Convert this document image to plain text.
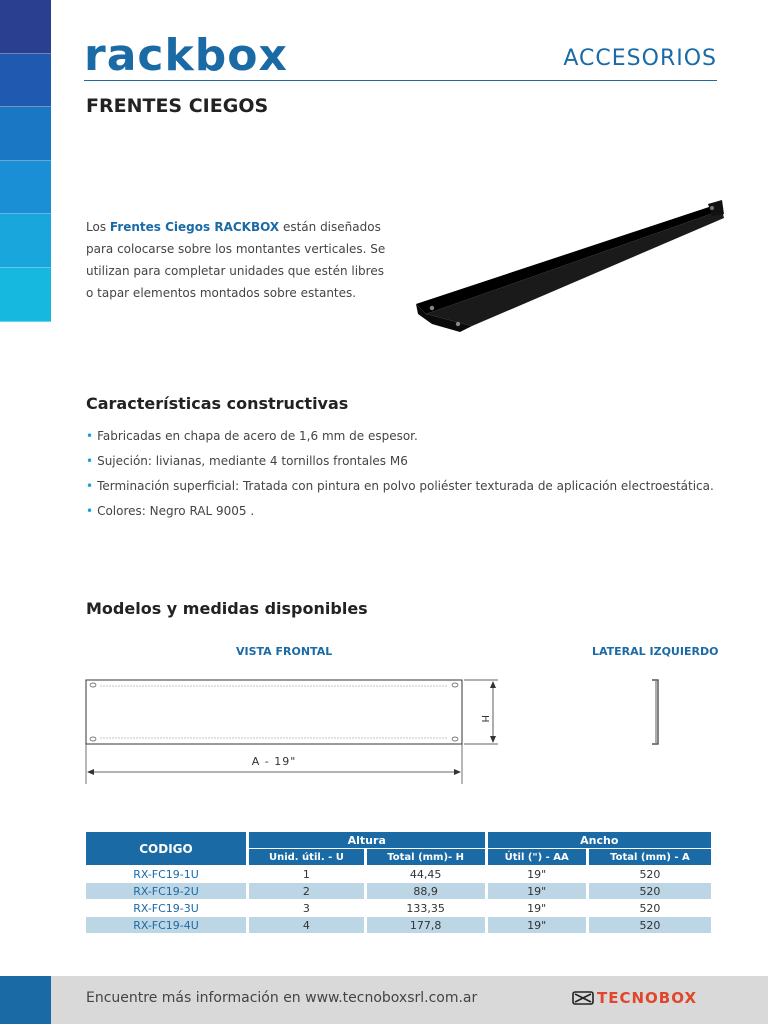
rackbox	ACCESORIOS
FRENTES CIEGOS

Los Frentes Ciegos RACKBOX están diseñados para colocarse sobre los montantes verticales. Se utilizan para completar unidades que estén libres o tapar elementos montados sobre estantes.

Características constructivas
• Fabricadas en chapa de acero de 1,6 mm de espesor.
• Sujeción: livianas, mediante 4 tornillos frontales M6
• Terminación superficial: Tratada con pintura en polvo poliéster texturada de aplicación electroestática.
• Colores: Negro RAL 9005 .
Modelos y medidas disponibles
VISTA FRONTAL	LATERAL IZQUIERDO
H
A - 19"
CODIGO	Altura		Ancho	
	Unid. útil. - U	Total (mm)- H	Útil (") - AA	Total (mm) - A
RX-FC19-1U	1	44,45	19"	520
RX-FC19-2U	2	88,9	19"	520
RX-FC19-3U	3	133,35	19"	520
RX-FC19-4U	4	177,8	19"	520
Encuentre más información en www.tecnoboxsrl.com.ar	TECNOBOX
